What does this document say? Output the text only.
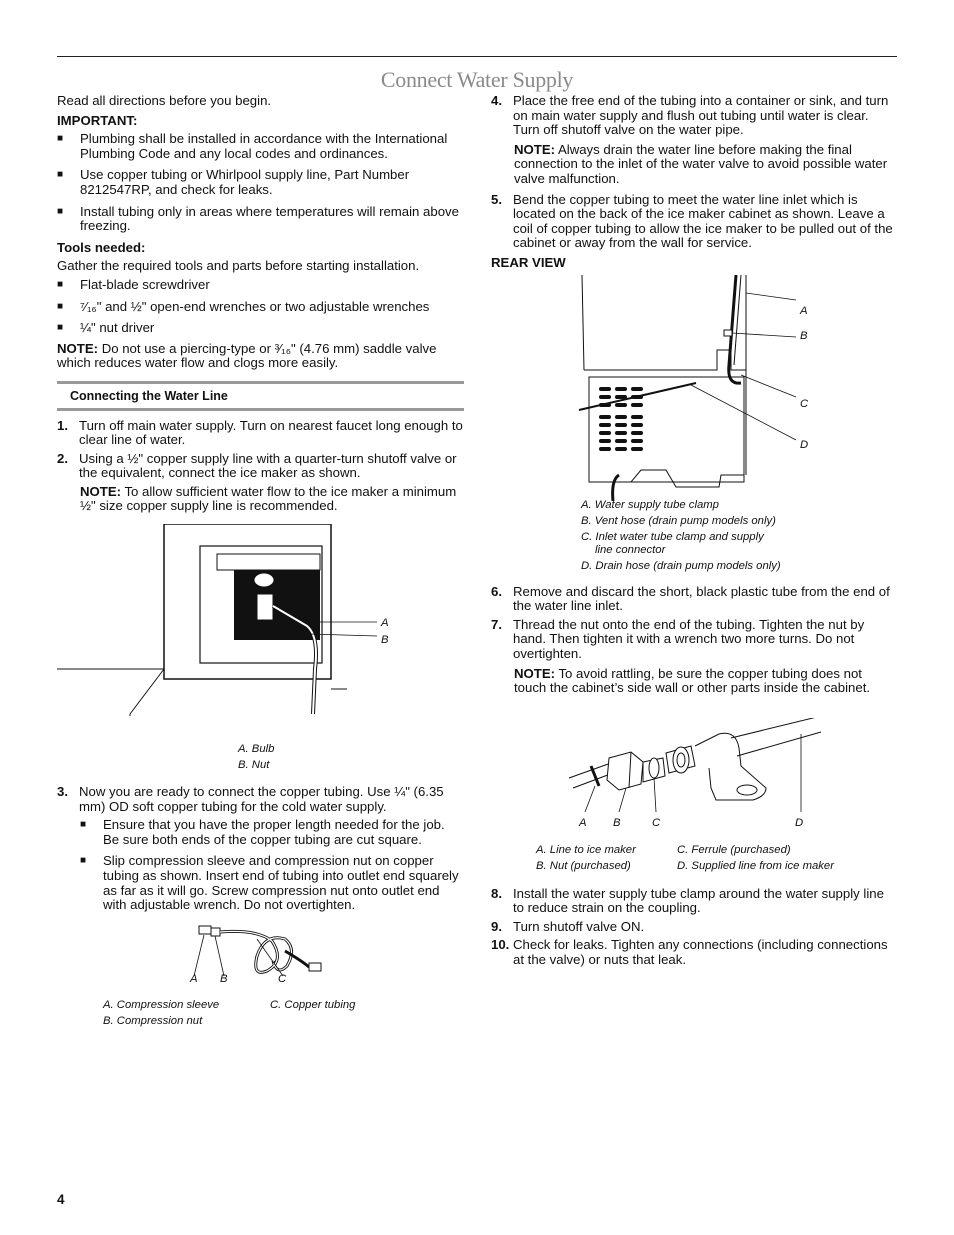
Connect Water Supply

Read all directions before you begin.

IMPORTANT:

■ Plumbing shall be installed in accordance with the International Plumbing Code and any local codes and ordinances.

■ Use copper tubing or Whirlpool supply line, Part Number 8212547RP, and check for leaks.

■ Install tubing only in areas where temperatures will remain above freezing.

Tools needed:

Gather the required tools and parts before starting installation.

■ Flat-blade screwdriver

■ ⁷⁄₁₆" and ½" open-end wrenches or two adjustable wrenches

■ ¼" nut driver

NOTE: Do not use a piercing-type or ³⁄₁₆" (4.76 mm) saddle valve which reduces water flow and clogs more easily.

Connecting the Water Line

1. Turn off main water supply. Turn on nearest faucet long enough to clear line of water.

2. Using a ½" copper supply line with a quarter-turn shutoff valve or the equivalent, connect the ice maker as shown.

NOTE: To allow sufficient water flow to the ice maker a minimum ½" size copper supply line is recommended.

A
B

A. Bulb

B. Nut

3. Now you are ready to connect the copper tubing. Use ¼" (6.35 mm) OD soft copper tubing for the cold water supply.

■ Ensure that you have the proper length needed for the job. Be sure both ends of the copper tubing are cut square.

■ Slip compression sleeve and compression nut on copper tubing as shown. Insert end of tubing into outlet end squarely as far as it will go. Screw compression nut onto outlet end with adjustable wrench. Do not overtighten.

A B	C

A. Compression sleeve

B. Compression nut

C. Copper tubing

4. Place the free end of the tubing into a container or sink, and turn on main water supply and flush out tubing until water is clear. Turn off shutoff valve on the water pipe.

NOTE: Always drain the water line before making the final connection to the inlet of the water valve to avoid possible water valve malfunction.

5. Bend the copper tubing to meet the water line inlet which is located on the back of the ice maker cabinet as shown. Leave a coil of copper tubing to allow the ice maker to be pulled out of the cabinet or away from the wall for service.

REAR VIEW

A
B
C
D

A. Water supply tube clamp

B. Vent hose (drain pump models only)

C. Inlet water tube clamp and supply

line connector

D. Drain hose (drain pump models only)

6. Remove and discard the short, black plastic tube from the end of the water line inlet.

7. Thread the nut onto the end of the tubing. Tighten the nut by hand. Then tighten it with a wrench two more turns. Do not overtighten.

NOTE: To avoid rattling, be sure the copper tubing does not touch the cabinet’s side wall or other parts inside the cabinet.

A B	C	D

A. Line to ice maker

B. Nut (purchased)

C. Ferrule (purchased)

D. Supplied line from ice maker

8. Install the water supply tube clamp around the water supply line to reduce strain on the coupling.

9. Turn shutoff valve ON.

10. Check for leaks. Tighten any connections (including connections at the valve) or nuts that leak.

4
